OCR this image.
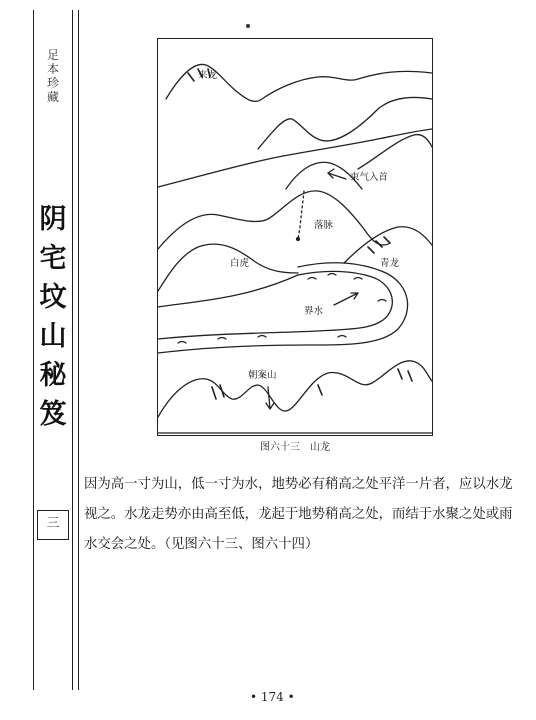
足
本
珍
藏
阴
宅
坟
山
秘
笈
三
来龙
束气入首
落脉
白虎	青龙
界水
朝案山
图六十三　山龙

因为高一寸为山，低一寸为水，地势必有稍高之处平洋一片者，应以水龙视之。水龙走势亦由高至低，龙起于地势稍高之处，而结于水聚之处或雨水交会之处。（见图六十三、图六十四）

• 174 •
